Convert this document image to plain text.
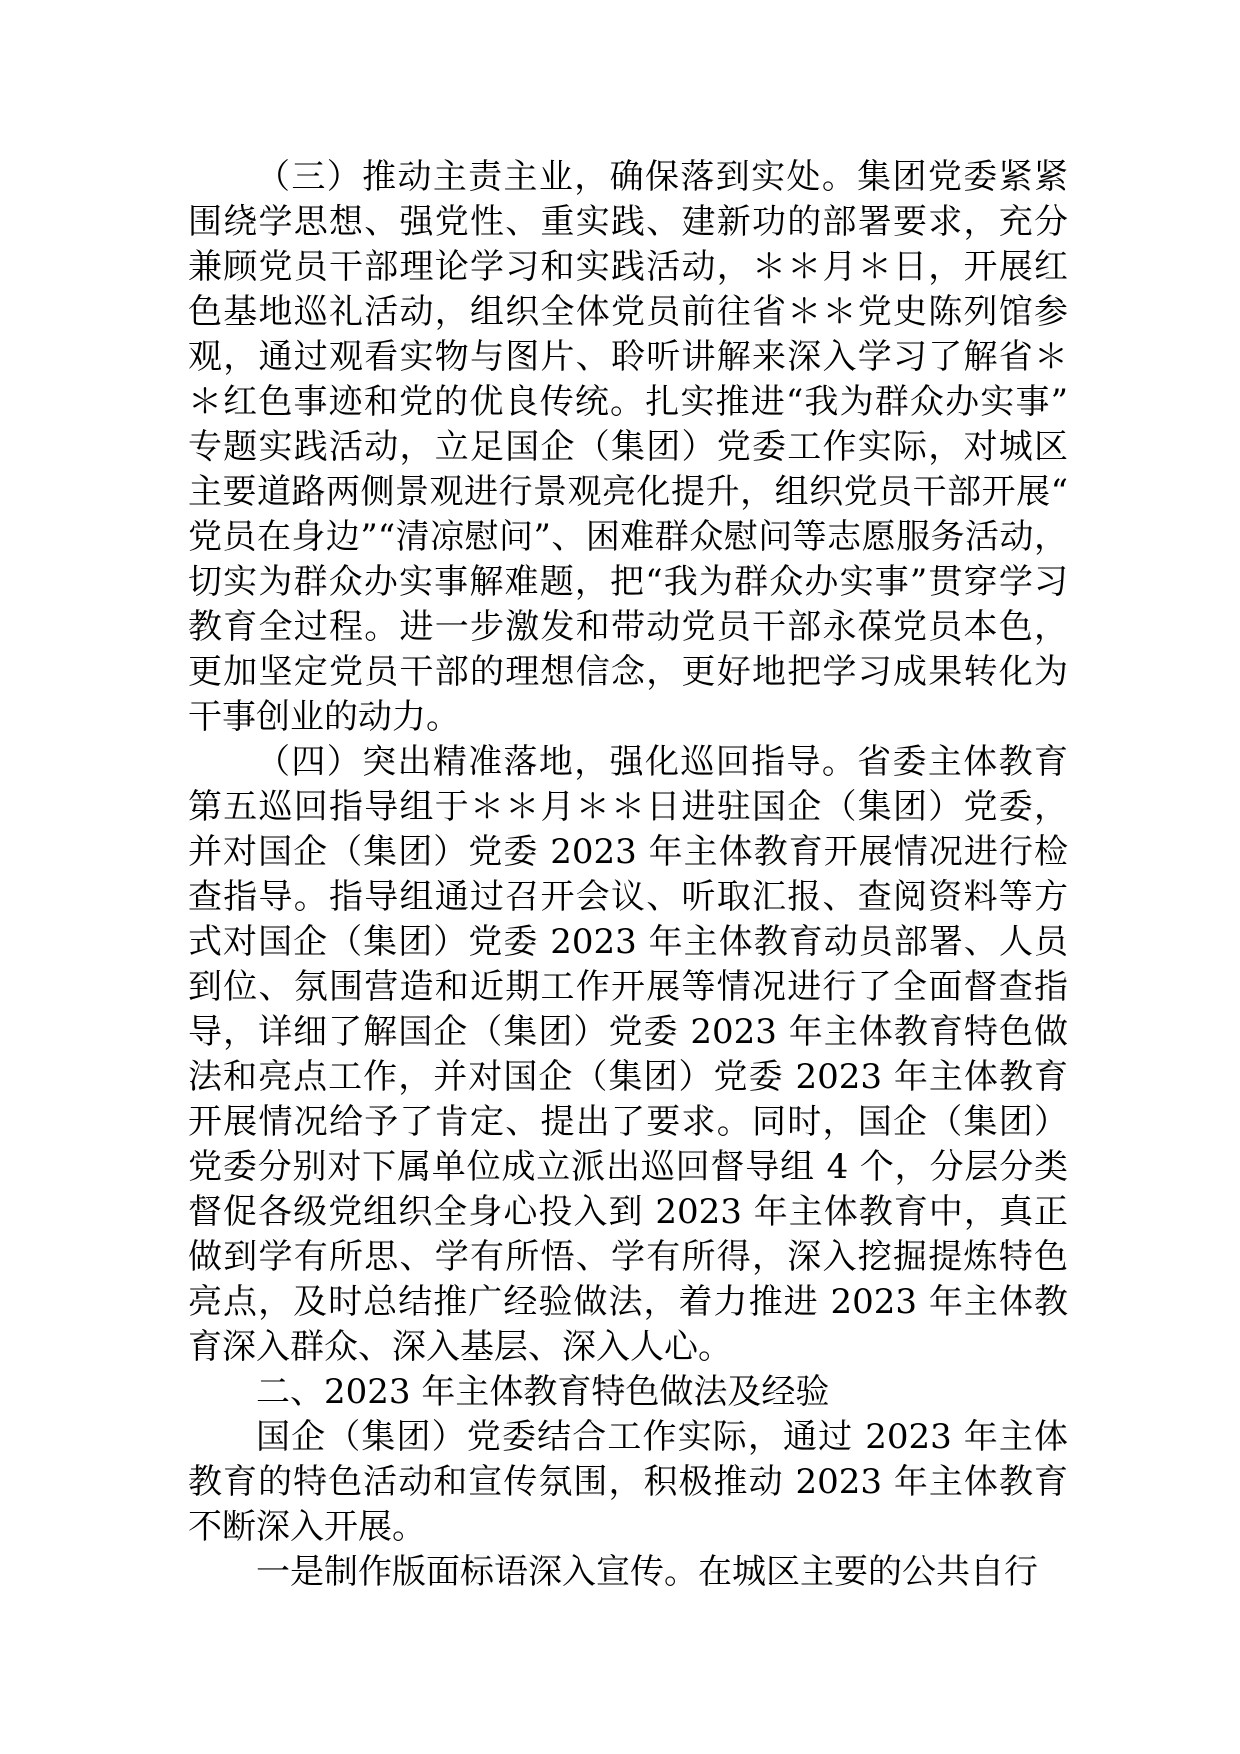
（三）推动主责主业，确保落到实处。集团党委紧紧围绕学思想、强党性、重实践、建新功的部署要求，充分兼顾党员干部理论学习和实践活动，＊＊月＊日，开展红色基地巡礼活动，组织全体党员前往省＊＊党史陈列馆参观，通过观看实物与图片、聆听讲解来深入学习了解省＊＊红色事迹和党的优良传统。扎实推进“我为群众办实事”专题实践活动，立足国企（集团）党委工作实际，对城区主要道路两侧景观进行景观亮化提升，组织党员干部开展“党员在身边”“清凉慰问”、困难群众慰问等志愿服务活动，切实为群众办实事解难题，把“我为群众办实事”贯穿学习教育全过程。进一步激发和带动党员干部永葆党员本色，更加坚定党员干部的理想信念，更好地把学习成果转化为干事创业的动力。

（四）突出精准落地，强化巡回指导。省委主体教育第五巡回指导组于＊＊月＊＊日进驻国企（集团）党委，并对国企（集团）党委 2023 年主体教育开展情况进行检查指导。指导组通过召开会议、听取汇报、查阅资料等方式对国企（集团）党委 2023 年主体教育动员部署、人员到位、氛围营造和近期工作开展等情况进行了全面督查指导，详细了解国企（集团）党委 2023 年主体教育特色做法和亮点工作，并对国企（集团）党委 2023 年主体教育开展情况给予了肯定、提出了要求。同时，国企（集团）党委分别对下属单位成立派出巡回督导组 4 个，分层分类督促各级党组织全身心投入到 2023 年主体教育中，真正做到学有所思、学有所悟、学有所得，深入挖掘提炼特色亮点，及时总结推广经验做法，着力推进 2023 年主体教育深入群众、深入基层、深入人心。

二、2023 年主体教育特色做法及经验

国企（集团）党委结合工作实际，通过 2023 年主体教育的特色活动和宣传氛围，积极推动 2023 年主体教育不断深入开展。

一是制作版面标语深入宣传。在城区主要的公共自行
